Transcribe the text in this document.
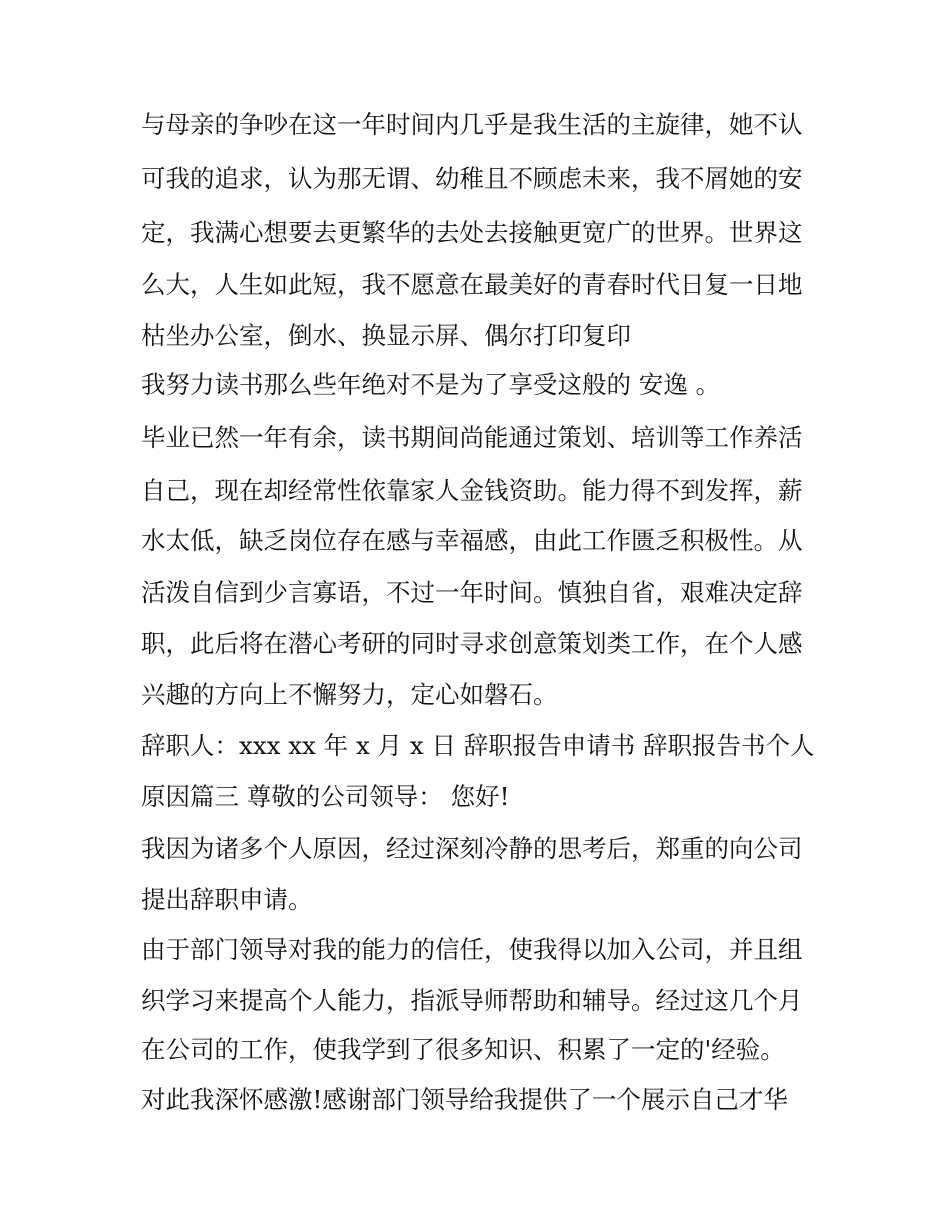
与母亲的争吵在这一年时间内几乎是我生活的主旋律，她不认
可我的追求，认为那无谓、幼稚且不顾虑未来，我不屑她的安
定，我满心想要去更繁华的去处去接触更宽广的世界。世界这
么大，人生如此短，我不愿意在最美好的青春时代日复一日地
枯坐办公室，倒水、换显示屏、偶尔打印复印
我努力读书那么些年绝对不是为了享受这般的 安逸 。
毕业已然一年有余，读书期间尚能通过策划、培训等工作养活
自己，现在却经常性依靠家人金钱资助。能力得不到发挥，薪
水太低，缺乏岗位存在感与幸福感，由此工作匮乏积极性。从
活泼自信到少言寡语，不过一年时间。慎独自省，艰难决定辞
职，此后将在潜心考研的同时寻求创意策划类工作，在个人感
兴趣的方向上不懈努力，定心如磐石。
辞职人：xxx xx 年 x 月 x 日 辞职报告申请书 辞职报告书个人
原因篇三 尊敬的公司领导： 您好!
我因为诸多个人原因，经过深刻冷静的思考后，郑重的向公司
提出辞职申请。
由于部门领导对我的能力的信任，使我得以加入公司，并且组
织学习来提高个人能力，指派导师帮助和辅导。经过这几个月
在公司的工作，使我学到了很多知识、积累了一定的'经验。
对此我深怀感激!感谢部门领导给我提供了一个展示自己才华
